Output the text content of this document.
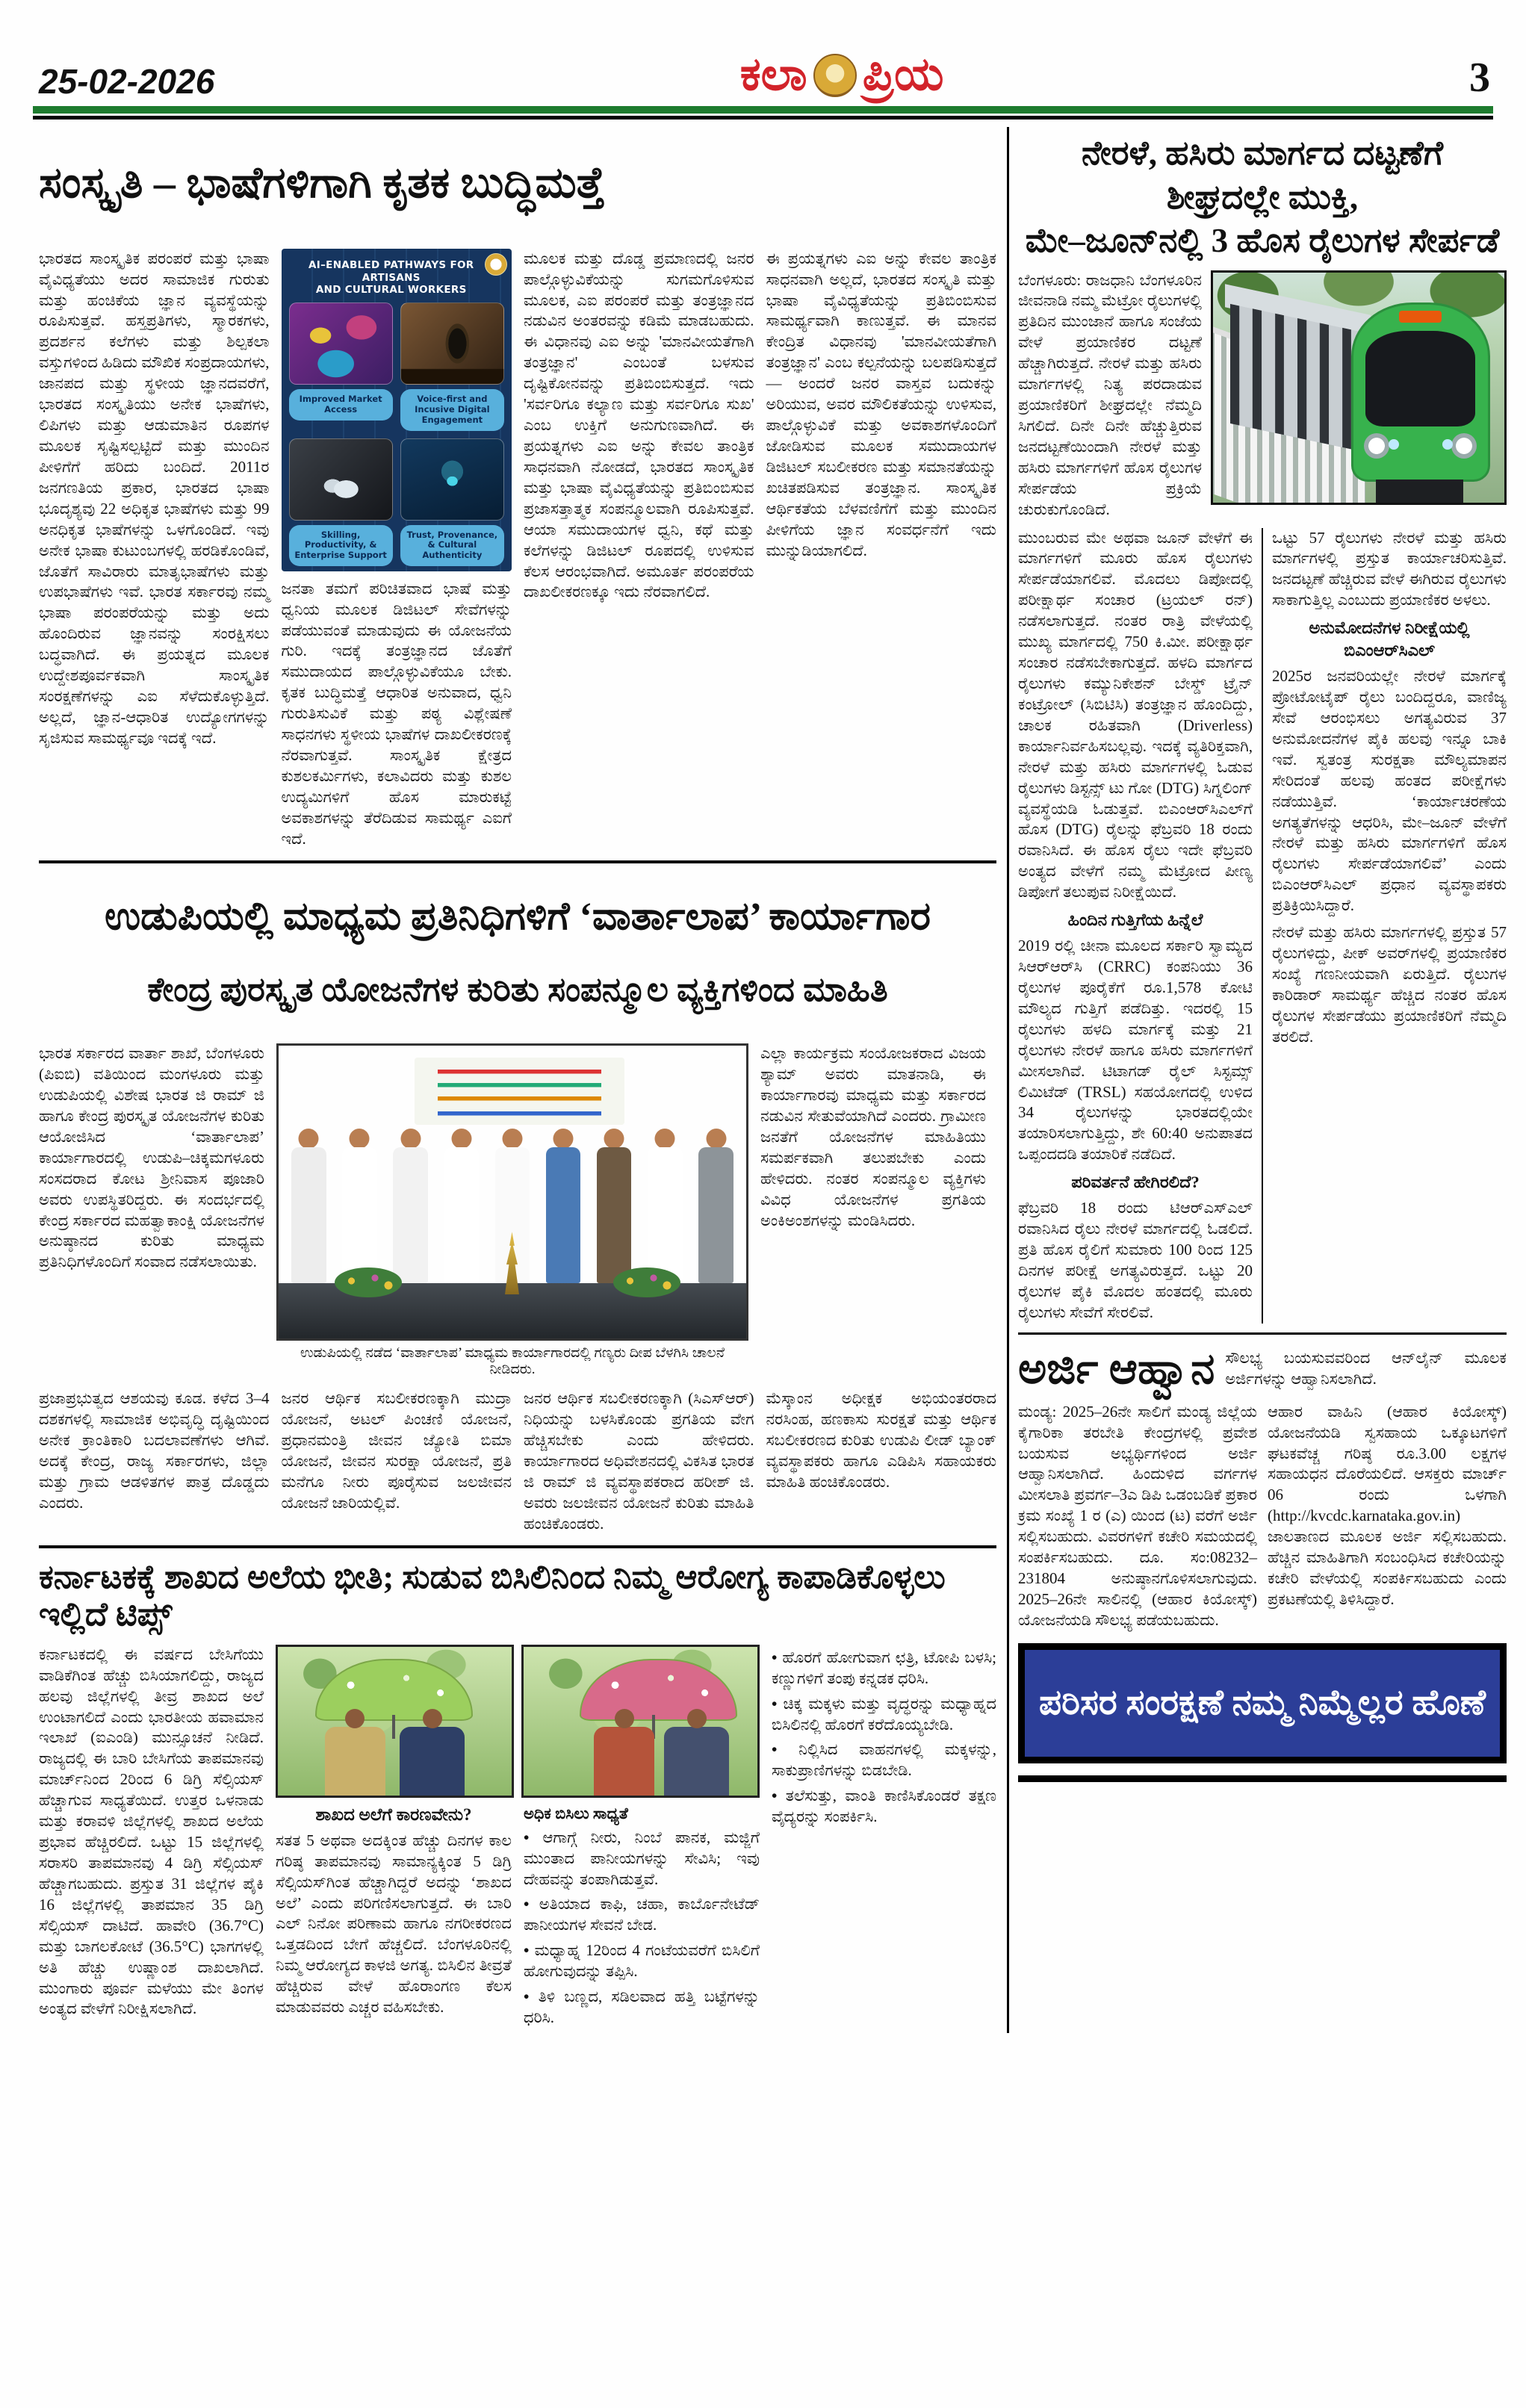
25-02-2026	ಕಲಾ ಪ್ರಿಯ	3
ಸಂಸ್ಕೃತಿ – ಭಾಷೆಗಳಿಗಾಗಿ ಕೃತಕ ಬುದ್ಧಿಮತ್ತೆ
ಭಾರತದ ಸಾಂಸ್ಕೃತಿಕ ಪರಂಪರೆ ಮತ್ತು ಭಾಷಾ ವೈವಿಧ್ಯತೆಯು ಅದರ ಸಾಮಾಜಿಕ ಗುರುತು ಮತ್ತು ಹಂಚಿಕೆಯ ಜ್ಞಾನ ವ್ಯವಸ್ಥೆಯನ್ನು ರೂಪಿಸುತ್ತವೆ. ಹಸ್ತಪ್ರತಿಗಳು, ಸ್ಮಾರಕಗಳು, ಪ್ರದರ್ಶನ ಕಲೆಗಳು ಮತ್ತು ಶಿಲ್ಪಕಲಾ ವಸ್ತುಗಳಿಂದ ಹಿಡಿದು ಮೌಖಿಕ ಸಂಪ್ರದಾಯಗಳು, ಜಾನಪದ ಮತ್ತು ಸ್ಥಳೀಯ ಜ್ಞಾನದವರೆಗೆ, ಭಾರತದ ಸಂಸ್ಕೃತಿಯು ಅನೇಕ ಭಾಷೆಗಳು, ಲಿಪಿಗಳು ಮತ್ತು ಆಡುಮಾತಿನ ರೂಪಗಳ ಮೂಲಕ ಸೃಷ್ಟಿಸಲ್ಪಟ್ಟಿದೆ ಮತ್ತು ಮುಂದಿನ ಪೀಳಿಗೆಗೆ ಹರಿದು ಬಂದಿದೆ. 2011ರ ಜನಗಣತಿಯ ಪ್ರಕಾರ, ಭಾರತದ ಭಾಷಾ ಭೂದೃಶ್ಯವು 22 ಅಧಿಕೃತ ಭಾಷೆಗಳು ಮತ್ತು 99 ಅನಧಿಕೃತ ಭಾಷೆಗಳನ್ನು ಒಳಗೊಂಡಿದೆ. ಇವು ಅನೇಕ ಭಾಷಾ ಕುಟುಂಬಗಳಲ್ಲಿ ಹರಡಿಕೊಂಡಿವೆ, ಜೊತೆಗೆ ಸಾವಿರಾರು ಮಾತೃಭಾಷೆಗಳು ಮತ್ತು ಉಪಭಾಷೆಗಳು ಇವೆ. ಭಾರತ ಸರ್ಕಾರವು ನಮ್ಮ ಭಾಷಾ ಪರಂಪರೆಯನ್ನು ಮತ್ತು ಅದು ಹೊಂದಿರುವ ಜ್ಞಾನವನ್ನು ಸಂರಕ್ಷಿಸಲು ಬದ್ಧವಾಗಿದೆ. ಈ ಪ್ರಯತ್ನದ ಮೂಲಕ ಉದ್ದೇಶಪೂರ್ವಕವಾಗಿ ಸಾಂಸ್ಕೃತಿಕ ಸಂರಕ್ಷಣೆಗಳನ್ನು ಎಐ ಸೆಳೆದುಕೊಳ್ಳುತ್ತಿದೆ. ಅಲ್ಲದೆ, ಜ್ಞಾನ-ಆಧಾರಿತ ಉದ್ಯೋಗಗಳನ್ನು ಸೃಜಿಸುವ ಸಾಮರ್ಥ್ಯವೂ ಇದಕ್ಕೆ ಇದೆ.
AI–ENABLED PATHWAYS FOR ARTISANS
AND CULTURAL WORKERS
Improved Market Access
Voice-first and Incusive Digital Engagement
Skilling, Productivity, & Enterprise Support
Trust, Provenance, & Cultural Authenticity
ಜನತಾ ತಮಗೆ ಪರಿಚಿತವಾದ ಭಾಷೆ ಮತ್ತು ಧ್ವನಿಯ ಮೂಲಕ ಡಿಜಿಟಲ್ ಸೇವೆಗಳನ್ನು ಪಡೆಯುವಂತೆ ಮಾಡುವುದು ಈ ಯೋಜನೆಯ ಗುರಿ. ಇದಕ್ಕೆ ತಂತ್ರಜ್ಞಾನದ ಜೊತೆಗೆ ಸಮುದಾಯದ ಪಾಲ್ಗೊಳ್ಳುವಿಕೆಯೂ ಬೇಕು. ಕೃತಕ ಬುದ್ಧಿಮತ್ತೆ ಆಧಾರಿತ ಅನುವಾದ, ಧ್ವನಿ ಗುರುತಿಸುವಿಕೆ ಮತ್ತು ಪಠ್ಯ ವಿಶ್ಲೇಷಣೆ ಸಾಧನಗಳು ಸ್ಥಳೀಯ ಭಾಷೆಗಳ ದಾಖಲೀಕರಣಕ್ಕೆ ನೆರವಾಗುತ್ತವೆ. ಸಾಂಸ್ಕೃತಿಕ ಕ್ಷೇತ್ರದ ಕುಶಲಕರ್ಮಿಗಳು, ಕಲಾವಿದರು ಮತ್ತು ಕುಶಲ ಉದ್ಯಮಿಗಳಿಗೆ ಹೊಸ ಮಾರುಕಟ್ಟೆ ಅವಕಾಶಗಳನ್ನು ತೆರೆದಿಡುವ ಸಾಮರ್ಥ್ಯ ಎಐಗೆ ಇದೆ.
ಮೂಲಕ ಮತ್ತು ದೊಡ್ಡ ಪ್ರಮಾಣದಲ್ಲಿ ಜನರ ಪಾಲ್ಗೊಳ್ಳುವಿಕೆಯನ್ನು ಸುಗಮಗೊಳಿಸುವ ಮೂಲಕ, ಎಐ ಪರಂಪರೆ ಮತ್ತು ತಂತ್ರಜ್ಞಾನದ ನಡುವಿನ ಅಂತರವನ್ನು ಕಡಿಮೆ ಮಾಡಬಹುದು. ಈ ವಿಧಾನವು ಎಐ ಅನ್ನು 'ಮಾನವೀಯತೆಗಾಗಿ ತಂತ್ರಜ್ಞಾನ' ಎಂಬಂತೆ ಬಳಸುವ ದೃಷ್ಟಿಕೋನವನ್ನು ಪ್ರತಿಬಿಂಬಿಸುತ್ತದೆ. ಇದು 'ಸರ್ವರಿಗೂ ಕಲ್ಯಾಣ ಮತ್ತು ಸರ್ವರಿಗೂ ಸುಖ' ಎಂಬ ಉಕ್ತಿಗೆ ಅನುಗುಣವಾಗಿದೆ. ಈ ಪ್ರಯತ್ನಗಳು ಎಐ ಅನ್ನು ಕೇವಲ ತಾಂತ್ರಿಕ ಸಾಧನವಾಗಿ ನೋಡದೆ, ಭಾರತದ ಸಾಂಸ್ಕೃತಿಕ ಮತ್ತು ಭಾಷಾ ವೈವಿಧ್ಯತೆಯನ್ನು ಪ್ರತಿಬಿಂಬಿಸುವ ಪ್ರಜಾಸತ್ತಾತ್ಮಕ ಸಂಪನ್ಮೂಲವಾಗಿ ರೂಪಿಸುತ್ತವೆ. ಆಯಾ ಸಮುದಾಯಗಳ ಧ್ವನಿ, ಕಥೆ ಮತ್ತು ಕಲೆಗಳನ್ನು ಡಿಜಿಟಲ್ ರೂಪದಲ್ಲಿ ಉಳಿಸುವ ಕೆಲಸ ಆರಂಭವಾಗಿದೆ. ಅಮೂರ್ತ ಪರಂಪರೆಯ ದಾಖಲೀಕರಣಕ್ಕೂ ಇದು ನೆರವಾಗಲಿದೆ.
ಈ ಪ್ರಯತ್ನಗಳು ಎಐ ಅನ್ನು ಕೇವಲ ತಾಂತ್ರಿಕ ಸಾಧನವಾಗಿ ಅಲ್ಲದೆ, ಭಾರತದ ಸಂಸ್ಕೃತಿ ಮತ್ತು ಭಾಷಾ ವೈವಿಧ್ಯತೆಯನ್ನು ಪ್ರತಿಬಿಂಬಿಸುವ ಸಾಮರ್ಥ್ಯವಾಗಿ ಕಾಣುತ್ತವೆ. ಈ ಮಾನವ ಕೇಂದ್ರಿತ ವಿಧಾನವು 'ಮಾನವೀಯತೆಗಾಗಿ ತಂತ್ರಜ್ಞಾನ' ಎಂಬ ಕಲ್ಪನೆಯನ್ನು ಬಲಪಡಿಸುತ್ತದೆ — ಅಂದರೆ ಜನರ ವಾಸ್ತವ ಬದುಕನ್ನು ಅರಿಯುವ, ಅವರ ಮೌಲಿಕತೆಯನ್ನು ಉಳಿಸುವ, ಪಾಲ್ಗೊಳ್ಳುವಿಕೆ ಮತ್ತು ಅವಕಾಶಗಳೊಂದಿಗೆ ಜೋಡಿಸುವ ಮೂಲಕ ಸಮುದಾಯಗಳ ಡಿಜಿಟಲ್ ಸಬಲೀಕರಣ ಮತ್ತು ಸಮಾನತೆಯನ್ನು ಖಚಿತಪಡಿಸುವ ತಂತ್ರಜ್ಞಾನ. ಸಾಂಸ್ಕೃತಿಕ ಆರ್ಥಿಕತೆಯ ಬೆಳವಣಿಗೆಗೆ ಮತ್ತು ಮುಂದಿನ ಪೀಳಿಗೆಯ ಜ್ಞಾನ ಸಂವರ್ಧನೆಗೆ ಇದು ಮುನ್ನುಡಿಯಾಗಲಿದೆ.
ಉಡುಪಿಯಲ್ಲಿ ಮಾಧ್ಯಮ ಪ್ರತಿನಿಧಿಗಳಿಗೆ ‘ವಾರ್ತಾಲಾಪ’ ಕಾರ್ಯಾಗಾರ
ಕೇಂದ್ರ ಪುರಸ್ಕೃತ ಯೋಜನೆಗಳ ಕುರಿತು ಸಂಪನ್ಮೂಲ ವ್ಯಕ್ತಿಗಳಿಂದ ಮಾಹಿತಿ
ಭಾರತ ಸರ್ಕಾರದ ವಾರ್ತಾ ಶಾಖೆ, ಬೆಂಗಳೂರು (ಪಿಐಬಿ) ವತಿಯಿಂದ ಮಂಗಳೂರು ಮತ್ತು ಉಡುಪಿಯಲ್ಲಿ ವಿಶೇಷ ಭಾರತ ಜಿ ರಾಮ್ ಜಿ ಹಾಗೂ ಕೇಂದ್ರ ಪುರಸ್ಕೃತ ಯೋಜನೆಗಳ ಕುರಿತು ಆಯೋಜಿಸಿದ ‘ವಾರ್ತಾಲಾಪ’ ಕಾರ್ಯಾಗಾರದಲ್ಲಿ ಉಡುಪಿ–ಚಿಕ್ಕಮಗಳೂರು ಸಂಸದರಾದ ಕೋಟ ಶ್ರೀನಿವಾಸ ಪೂಜಾರಿ ಅವರು ಉಪಸ್ಥಿತರಿದ್ದರು. ಈ ಸಂದರ್ಭದಲ್ಲಿ ಕೇಂದ್ರ ಸರ್ಕಾರದ ಮಹತ್ವಾಕಾಂಕ್ಷಿ ಯೋಜನೆಗಳ ಅನುಷ್ಠಾನದ ಕುರಿತು ಮಾಧ್ಯಮ ಪ್ರತಿನಿಧಿಗಳೊಂದಿಗೆ ಸಂವಾದ ನಡೆಸಲಾಯಿತು.
ಉಡುಪಿಯಲ್ಲಿ ನಡೆದ ‘ವಾರ್ತಾಲಾಪ’ ಮಾಧ್ಯಮ ಕಾರ್ಯಾಗಾರದಲ್ಲಿ ಗಣ್ಯರು ದೀಪ ಬೆಳಗಿಸಿ ಚಾಲನೆ ನೀಡಿದರು.
ಎಲ್ಲಾ ಕಾರ್ಯಕ್ರಮ ಸಂಯೋಜಕರಾದ ವಿಜಯ ಶ್ಯಾಮ್ ಅವರು ಮಾತನಾಡಿ, ಈ ಕಾರ್ಯಾಗಾರವು ಮಾಧ್ಯಮ ಮತ್ತು ಸರ್ಕಾರದ ನಡುವಿನ ಸೇತುವೆಯಾಗಿದೆ ಎಂದರು. ಗ್ರಾಮೀಣ ಜನತೆಗೆ ಯೋಜನೆಗಳ ಮಾಹಿತಿಯು ಸಮರ್ಪಕವಾಗಿ ತಲುಪಬೇಕು ಎಂದು ಹೇಳಿದರು. ನಂತರ ಸಂಪನ್ಮೂಲ ವ್ಯಕ್ತಿಗಳು ವಿವಿಧ ಯೋಜನೆಗಳ ಪ್ರಗತಿಯ ಅಂಕಿಅಂಶಗಳನ್ನು ಮಂಡಿಸಿದರು.
ಪ್ರಜಾಪ್ರಭುತ್ವದ ಆಶಯವು ಕೂಡ. ಕಳೆದ 3–4 ದಶಕಗಳಲ್ಲಿ ಸಾಮಾಜಿಕ ಅಭಿವೃದ್ಧಿ ದೃಷ್ಟಿಯಿಂದ ಅನೇಕ ಕ್ರಾಂತಿಕಾರಿ ಬದಲಾವಣೆಗಳು ಆಗಿವೆ. ಅದಕ್ಕೆ ಕೇಂದ್ರ, ರಾಜ್ಯ ಸರ್ಕಾರಗಳು, ಜಿಲ್ಲಾ ಮತ್ತು ಗ್ರಾಮ ಆಡಳಿತಗಳ ಪಾತ್ರ ದೊಡ್ಡದು ಎಂದರು.
ಜನರ ಆರ್ಥಿಕ ಸಬಲೀಕರಣಕ್ಕಾಗಿ ಮುದ್ರಾ ಯೋಜನೆ, ಅಟಲ್ ಪಿಂಚಣಿ ಯೋಜನೆ, ಪ್ರಧಾನಮಂತ್ರಿ ಜೀವನ ಜ್ಯೋತಿ ಬಿಮಾ ಯೋಜನೆ, ಜೀವನ ಸುರಕ್ಷಾ ಯೋಜನೆ, ಪ್ರತಿ ಮನೆಗೂ ನೀರು ಪೂರೈಸುವ ಜಲಜೀವನ ಯೋಜನೆ ಜಾರಿಯಲ್ಲಿವೆ.
ಜನರ ಆರ್ಥಿಕ ಸಬಲೀಕರಣಕ್ಕಾಗಿ (ಸಿಎಸ್‌ಆರ್) ನಿಧಿಯನ್ನು ಬಳಸಿಕೊಂಡು ಪ್ರಗತಿಯ ವೇಗ ಹೆಚ್ಚಿಸಬೇಕು ಎಂದು ಹೇಳಿದರು. ಕಾರ್ಯಾಗಾರದ ಅಧಿವೇಶನದಲ್ಲಿ ವಿಕಸಿತ ಭಾರತ ಜಿ ರಾಮ್ ಜಿ ವ್ಯವಸ್ಥಾಪಕರಾದ ಹರೀಶ್ ಜಿ. ಅವರು ಜಲಜೀವನ ಯೋಜನೆ ಕುರಿತು ಮಾಹಿತಿ ಹಂಚಿಕೊಂಡರು.
ಮೆಸ್ಕಾಂನ ಅಧೀಕ್ಷಕ ಅಭಿಯಂತರರಾದ ನರಸಿಂಹ, ಹಣಕಾಸು ಸುರಕ್ಷತೆ ಮತ್ತು ಆರ್ಥಿಕ ಸಬಲೀಕರಣದ ಕುರಿತು ಉಡುಪಿ ಲೀಡ್ ಬ್ಯಾಂಕ್ ವ್ಯವಸ್ಥಾಪಕರು ಹಾಗೂ ಎಡಿಪಿಸಿ ಸಹಾಯಕರು ಮಾಹಿತಿ ಹಂಚಿಕೊಂಡರು.
ಕರ್ನಾಟಕಕ್ಕೆ ಶಾಖದ ಅಲೆಯ ಭೀತಿ; ಸುಡುವ ಬಿಸಿಲಿನಿಂದ ನಿಮ್ಮ ಆರೋಗ್ಯ ಕಾಪಾಡಿಕೊಳ್ಳಲು ಇಲ್ಲಿದೆ ಟಿಪ್ಸ್
ಕರ್ನಾಟಕದಲ್ಲಿ ಈ ವರ್ಷದ ಬೇಸಿಗೆಯು ವಾಡಿಕೆಗಿಂತ ಹೆಚ್ಚು ಬಿಸಿಯಾಗಲಿದ್ದು, ರಾಜ್ಯದ ಹಲವು ಜಿಲ್ಲೆಗಳಲ್ಲಿ ತೀವ್ರ ಶಾಖದ ಅಲೆ ಉಂಟಾಗಲಿದೆ ಎಂದು ಭಾರತೀಯ ಹವಾಮಾನ ಇಲಾಖೆ (ಐಎಂಡಿ) ಮುನ್ಸೂಚನೆ ನೀಡಿದೆ. ರಾಜ್ಯದಲ್ಲಿ ಈ ಬಾರಿ ಬೇಸಿಗೆಯ ತಾಪಮಾನವು ಮಾರ್ಚ್‌ನಿಂದ 2ರಿಂದ 6 ಡಿಗ್ರಿ ಸೆಲ್ಸಿಯಸ್ ಹೆಚ್ಚಾಗುವ ಸಾಧ್ಯತೆಯಿದೆ. ಉತ್ತರ ಒಳನಾಡು ಮತ್ತು ಕರಾವಳಿ ಜಿಲ್ಲೆಗಳಲ್ಲಿ ಶಾಖದ ಅಲೆಯ ಪ್ರಭಾವ ಹೆಚ್ಚಿರಲಿದೆ. ಒಟ್ಟು 15 ಜಿಲ್ಲೆಗಳಲ್ಲಿ ಸರಾಸರಿ ತಾಪಮಾನವು 4 ಡಿಗ್ರಿ ಸೆಲ್ಸಿಯಸ್ ಹೆಚ್ಚಾಗಬಹುದು. ಪ್ರಸ್ತುತ 31 ಜಿಲ್ಲೆಗಳ ಪೈಕಿ 16 ಜಿಲ್ಲೆಗಳಲ್ಲಿ ತಾಪಮಾನ 35 ಡಿಗ್ರಿ ಸೆಲ್ಸಿಯಸ್ ದಾಟಿದೆ. ಹಾವೇರಿ (36.7°C) ಮತ್ತು ಬಾಗಲಕೋಟೆ (36.5°C) ಭಾಗಗಳಲ್ಲಿ ಅತಿ ಹೆಚ್ಚು ಉಷ್ಣಾಂಶ ದಾಖಲಾಗಿದೆ. ಮುಂಗಾರು ಪೂರ್ವ ಮಳೆಯು ಮೇ ತಿಂಗಳ ಅಂತ್ಯದ ವೇಳೆಗೆ ನಿರೀಕ್ಷಿಸಲಾಗಿದೆ.
ಶಾಖದ ಅಲೆಗೆ ಕಾರಣವೇನು?
ಸತತ 5 ಅಥವಾ ಅದಕ್ಕಿಂತ ಹೆಚ್ಚು ದಿನಗಳ ಕಾಲ ಗರಿಷ್ಠ ತಾಪಮಾನವು ಸಾಮಾನ್ಯಕ್ಕಿಂತ 5 ಡಿಗ್ರಿ ಸೆಲ್ಸಿಯಸ್‌ಗಿಂತ ಹೆಚ್ಚಾಗಿದ್ದರೆ ಅದನ್ನು ‘ಶಾಖದ ಅಲೆ’ ಎಂದು ಪರಿಗಣಿಸಲಾಗುತ್ತದೆ. ಈ ಬಾರಿ ಎಲ್ ನಿನೋ ಪರಿಣಾಮ ಹಾಗೂ ನಗರೀಕರಣದ ಒತ್ತಡದಿಂದ ಬೇಗೆ ಹೆಚ್ಚಲಿದೆ. ಬೆಂಗಳೂರಿನಲ್ಲಿ ನಿಮ್ಮ ಆರೋಗ್ಯದ ಕಾಳಜಿ ಅಗತ್ಯ. ಬಿಸಿಲಿನ ತೀವ್ರತೆ ಹೆಚ್ಚಿರುವ ವೇಳೆ ಹೊರಾಂಗಣ ಕೆಲಸ ಮಾಡುವವರು ಎಚ್ಚರ ವಹಿಸಬೇಕು.
ಅಧಿಕ ಬಿಸಿಲು ಸಾಧ್ಯತೆ
• ಆಗಾಗ್ಗೆ ನೀರು, ನಿಂಬೆ ಪಾನಕ, ಮಜ್ಜಿಗೆ ಮುಂತಾದ ಪಾನೀಯಗಳನ್ನು ಸೇವಿಸಿ; ಇವು ದೇಹವನ್ನು ತಂಪಾಗಿಡುತ್ತವೆ.
• ಅತಿಯಾದ ಕಾಫಿ, ಚಹಾ, ಕಾರ್ಬೊನೇಟೆಡ್ ಪಾನೀಯಗಳ ಸೇವನೆ ಬೇಡ.
• ಮಧ್ಯಾಹ್ನ 12ರಿಂದ 4 ಗಂಟೆಯವರೆಗೆ ಬಿಸಿಲಿಗೆ ಹೋಗುವುದನ್ನು ತಪ್ಪಿಸಿ.
• ತಿಳಿ ಬಣ್ಣದ, ಸಡಿಲವಾದ ಹತ್ತಿ ಬಟ್ಟೆಗಳನ್ನು ಧರಿಸಿ.
• ಹೊರಗೆ ಹೋಗುವಾಗ ಛತ್ರಿ, ಟೋಪಿ ಬಳಸಿ; ಕಣ್ಣುಗಳಿಗೆ ತಂಪು ಕನ್ನಡಕ ಧರಿಸಿ.
• ಚಿಕ್ಕ ಮಕ್ಕಳು ಮತ್ತು ವೃದ್ಧರನ್ನು ಮಧ್ಯಾಹ್ನದ ಬಿಸಿಲಿನಲ್ಲಿ ಹೊರಗೆ ಕರೆದೊಯ್ಯಬೇಡಿ.
• ನಿಲ್ಲಿಸಿದ ವಾಹನಗಳಲ್ಲಿ ಮಕ್ಕಳನ್ನು, ಸಾಕುಪ್ರಾಣಿಗಳನ್ನು ಬಿಡಬೇಡಿ.
• ತಲೆಸುತ್ತು, ವಾಂತಿ ಕಾಣಿಸಿಕೊಂಡರೆ ತಕ್ಷಣ ವೈದ್ಯರನ್ನು ಸಂಪರ್ಕಿಸಿ.
ನೇರಳೆ, ಹಸಿರು ಮಾರ್ಗದ ದಟ್ಟಣೆಗೆ ಶೀಘ್ರದಲ್ಲೇ ಮುಕ್ತಿ,
ಮೇ–ಜೂನ್‌ನಲ್ಲಿ 3 ಹೊಸ ರೈಲುಗಳ ಸೇರ್ಪಡೆ
ಬೆಂಗಳೂರು: ರಾಜಧಾನಿ ಬೆಂಗಳೂರಿನ ಜೀವನಾಡಿ ನಮ್ಮ ಮೆಟ್ರೋ ರೈಲುಗಳಲ್ಲಿ ಪ್ರತಿದಿನ ಮುಂಜಾನೆ ಹಾಗೂ ಸಂಜೆಯ ವೇಳೆ ಪ್ರಯಾಣಿಕರ ದಟ್ಟಣೆ ಹೆಚ್ಚಾಗಿರುತ್ತದೆ. ನೇರಳೆ ಮತ್ತು ಹಸಿರು ಮಾರ್ಗಗಳಲ್ಲಿ ನಿತ್ಯ ಪರದಾಡುವ ಪ್ರಯಾಣಿಕರಿಗೆ ಶೀಘ್ರದಲ್ಲೇ ನೆಮ್ಮದಿ ಸಿಗಲಿದೆ. ದಿನೇ ದಿನೇ ಹೆಚ್ಚುತ್ತಿರುವ ಜನದಟ್ಟಣೆಯಿಂದಾಗಿ ನೇರಳೆ ಮತ್ತು ಹಸಿರು ಮಾರ್ಗಗಳಿಗೆ ಹೊಸ ರೈಲುಗಳ ಸೇರ್ಪಡೆಯ ಪ್ರಕ್ರಿಯೆ ಚುರುಕುಗೊಂಡಿದೆ.

ಮುಂಬರುವ ಮೇ ಅಥವಾ ಜೂನ್ ವೇಳೆಗೆ ಈ ಮಾರ್ಗಗಳಿಗೆ ಮೂರು ಹೊಸ ರೈಲುಗಳು ಸೇರ್ಪಡೆಯಾಗಲಿವೆ. ಮೊದಲು ಡಿಪೋದಲ್ಲಿ ಪರೀಕ್ಷಾರ್ಥ ಸಂಚಾರ (ಟ್ರಯಲ್ ರನ್) ನಡೆಸಲಾಗುತ್ತದೆ. ನಂತರ ರಾತ್ರಿ ವೇಳೆಯಲ್ಲಿ ಮುಖ್ಯ ಮಾರ್ಗದಲ್ಲಿ 750 ಕಿ.ಮೀ. ಪರೀಕ್ಷಾರ್ಥ ಸಂಚಾರ ನಡೆಸಬೇಕಾಗುತ್ತದೆ. ಹಳದಿ ಮಾರ್ಗದ ರೈಲುಗಳು ಕಮ್ಯುನಿಕೇಶನ್ ಬೇಸ್ಡ್ ಟ್ರೈನ್ ಕಂಟ್ರೋಲ್ (ಸಿಬಿಟಿಸಿ) ತಂತ್ರಜ್ಞಾನ ಹೊಂದಿದ್ದು, ಚಾಲಕ ರಹಿತವಾಗಿ (Driverless) ಕಾರ್ಯಾನಿರ್ವಹಿಸಬಲ್ಲವು. ಇದಕ್ಕೆ ವ್ಯತಿರಿಕ್ತವಾಗಿ, ನೇರಳೆ ಮತ್ತು ಹಸಿರು ಮಾರ್ಗಗಳಲ್ಲಿ ಓಡುವ ರೈಲುಗಳು ಡಿಸ್ಟನ್ಸ್ ಟು ಗೋ (DTG) ಸಿಗ್ನಲಿಂಗ್ ವ್ಯವಸ್ಥೆಯಡಿ ಓಡುತ್ತವೆ. ಬಿಎಂಆರ್‌ಸಿಎಲ್‌ಗೆ ಹೊಸ (DTG) ರೈಲನ್ನು ಫೆಬ್ರವರಿ 18 ರಂದು ರವಾನಿಸಿದೆ. ಈ ಹೊಸ ರೈಲು ಇದೇ ಫೆಬ್ರವರಿ ಅಂತ್ಯದ ವೇಳೆಗೆ ನಮ್ಮ ಮೆಟ್ರೋದ ಪೀಣ್ಯ ಡಿಪೋಗೆ ತಲುಪುವ ನಿರೀಕ್ಷೆಯಿದೆ.

ಹಿಂದಿನ ಗುತ್ತಿಗೆಯ ಹಿನ್ನೆಲೆ

2019 ರಲ್ಲಿ ಚೀನಾ ಮೂಲದ ಸರ್ಕಾರಿ ಸ್ವಾಮ್ಯದ ಸಿಆರ್‌ಆರ್‌ಸಿ (CRRC) ಕಂಪನಿಯು 36 ರೈಲುಗಳ ಪೂರೈಕೆಗೆ ರೂ.1,578 ಕೋಟಿ ಮೌಲ್ಯದ ಗುತ್ತಿಗೆ ಪಡೆದಿತ್ತು. ಇದರಲ್ಲಿ 15 ರೈಲುಗಳು ಹಳದಿ ಮಾರ್ಗಕ್ಕೆ ಮತ್ತು 21 ರೈಲುಗಳು ನೇರಳೆ ಹಾಗೂ ಹಸಿರು ಮಾರ್ಗಗಳಿಗೆ ಮೀಸಲಾಗಿವೆ. ಟಿಟಾಗಡ್ ರೈಲ್ ಸಿಸ್ಟಮ್ಸ್ ಲಿಮಿಟೆಡ್ (TRSL) ಸಹಯೋಗದಲ್ಲಿ ಉಳಿದ 34 ರೈಲುಗಳನ್ನು ಭಾರತದಲ್ಲಿಯೇ ತಯಾರಿಸಲಾಗುತ್ತಿದ್ದು, ಶೇ 60:40 ಅನುಪಾತದ ಒಪ್ಪಂದದಡಿ ತಯಾರಿಕೆ ನಡೆದಿದೆ.

ಪರಿವರ್ತನೆ ಹೇಗಿರಲಿದೆ?

ಫೆಬ್ರವರಿ 18 ರಂದು ಟಿಆರ್‌ಎಸ್‌ಎಲ್ ರವಾನಿಸಿದ ರೈಲು ನೇರಳೆ ಮಾರ್ಗದಲ್ಲಿ ಓಡಲಿದೆ. ಪ್ರತಿ ಹೊಸ ರೈಲಿಗೆ ಸುಮಾರು 100 ರಿಂದ 125 ದಿನಗಳ ಪರೀಕ್ಷೆ ಅಗತ್ಯವಿರುತ್ತದೆ. ಒಟ್ಟು 20 ರೈಲುಗಳ ಪೈಕಿ ಮೊದಲ ಹಂತದಲ್ಲಿ ಮೂರು ರೈಲುಗಳು ಸೇವೆಗೆ ಸೇರಲಿವೆ.

ಒಟ್ಟು 57 ರೈಲುಗಳು ನೇರಳೆ ಮತ್ತು ಹಸಿರು ಮಾರ್ಗಗಳಲ್ಲಿ ಪ್ರಸ್ತುತ ಕಾರ್ಯಾಚರಿಸುತ್ತಿವೆ. ಜನದಟ್ಟಣೆ ಹೆಚ್ಚಿರುವ ವೇಳೆ ಈಗಿರುವ ರೈಲುಗಳು ಸಾಕಾಗುತ್ತಿಲ್ಲ ಎಂಬುದು ಪ್ರಯಾಣಿಕರ ಅಳಲು.

ಅನುಮೋದನೆಗಳ ನಿರೀಕ್ಷೆಯಲ್ಲಿ ಬಿಎಂಆರ್‌ಸಿಎಲ್

2025ರ ಜನವರಿಯಲ್ಲೇ ನೇರಳೆ ಮಾರ್ಗಕ್ಕೆ ಪ್ರೋಟೋಟೈಪ್ ರೈಲು ಬಂದಿದ್ದರೂ, ವಾಣಿಜ್ಯ ಸೇವೆ ಆರಂಭಿಸಲು ಅಗತ್ಯವಿರುವ 37 ಅನುಮೋದನೆಗಳ ಪೈಕಿ ಹಲವು ಇನ್ನೂ ಬಾಕಿ ಇವೆ. ಸ್ವತಂತ್ರ ಸುರಕ್ಷತಾ ಮೌಲ್ಯಮಾಪನ ಸೇರಿದಂತೆ ಹಲವು ಹಂತದ ಪರೀಕ್ಷೆಗಳು ನಡೆಯುತ್ತಿವೆ. ‘ಕಾರ್ಯಾಚರಣೆಯ ಅಗತ್ಯತೆಗಳನ್ನು ಆಧರಿಸಿ, ಮೇ–ಜೂನ್ ವೇಳೆಗೆ ನೇರಳೆ ಮತ್ತು ಹಸಿರು ಮಾರ್ಗಗಳಿಗೆ ಹೊಸ ರೈಲುಗಳು ಸೇರ್ಪಡೆಯಾಗಲಿವೆ’ ಎಂದು ಬಿಎಂಆರ್‌ಸಿಎಲ್ ಪ್ರಧಾನ ವ್ಯವಸ್ಥಾಪಕರು ಪ್ರತಿಕ್ರಿಯಿಸಿದ್ದಾರೆ.

ನೇರಳೆ ಮತ್ತು ಹಸಿರು ಮಾರ್ಗಗಳಲ್ಲಿ ಪ್ರಸ್ತುತ 57 ರೈಲುಗಳಿದ್ದು, ಪೀಕ್ ಅವರ್‌ಗಳಲ್ಲಿ ಪ್ರಯಾಣಿಕರ ಸಂಖ್ಯೆ ಗಣನೀಯವಾಗಿ ಏರುತ್ತಿದೆ. ರೈಲುಗಳ ಕಾರಿಡಾರ್ ಸಾಮರ್ಥ್ಯ ಹೆಚ್ಚಿದ ನಂತರ ಹೊಸ ರೈಲುಗಳ ಸೇರ್ಪಡೆಯು ಪ್ರಯಾಣಿಕರಿಗೆ ನೆಮ್ಮದಿ ತರಲಿದೆ.

ಅರ್ಜಿ ಆಹ್ವಾನ ಸೌಲಭ್ಯ ಬಯಸುವವರಿಂದ ಆನ್‌ಲೈನ್ ಮೂಲಕ ಅರ್ಜಿಗಳನ್ನು ಆಹ್ವಾನಿಸಲಾಗಿದೆ.
ಮಂಡ್ಯ: 2025–26ನೇ ಸಾಲಿಗೆ ಮಂಡ್ಯ ಜಿಲ್ಲೆಯ ಕೈಗಾರಿಕಾ ತರಬೇತಿ ಕೇಂದ್ರಗಳಲ್ಲಿ ಪ್ರವೇಶ ಬಯಸುವ ಅಭ್ಯರ್ಥಿಗಳಿಂದ ಅರ್ಜಿ ಆಹ್ವಾನಿಸಲಾಗಿದೆ. ಹಿಂದುಳಿದ ವರ್ಗಗಳ ಮೀಸಲಾತಿ ಪ್ರವರ್ಗ–3ಎ ಡಿಪಿ ಒಡಂಬಡಿಕೆ ಪ್ರಕಾರ ಕ್ರಮ ಸಂಖ್ಯೆ 1 ರ (ಎ) ಯಿಂದ (ಟ) ವರೆಗೆ ಅರ್ಜಿ ಸಲ್ಲಿಸಬಹುದು. ವಿವರಗಳಿಗೆ ಕಚೇರಿ ಸಮಯದಲ್ಲಿ ಸಂಪರ್ಕಿಸಬಹುದು. ದೂ. ಸಂ:08232–231804 ಅನುಷ್ಠಾನಗೊಳಿಸಲಾಗುವುದು. 2025–26ನೇ ಸಾಲಿನಲ್ಲಿ (ಆಹಾರ ಕಿಯೋಸ್ಕ್) ಯೋಜನೆಯಡಿ ಸೌಲಭ್ಯ ಪಡೆಯಬಹುದು.
ಆಹಾರ ವಾಹಿನಿ (ಆಹಾರ ಕಿಯೋಸ್ಕ್) ಯೋಜನೆಯಡಿ ಸ್ವಸಹಾಯ ಒಕ್ಕೂಟಗಳಿಗೆ ಘಟಕವೆಚ್ಚ ಗರಿಷ್ಠ ರೂ.3.00 ಲಕ್ಷಗಳ ಸಹಾಯಧನ ದೊರೆಯಲಿದೆ. ಆಸಕ್ತರು ಮಾರ್ಚ್ 06 ರಂದು ಒಳಗಾಗಿ (http://kvcdc.karnataka.gov.in) ಜಾಲತಾಣದ ಮೂಲಕ ಅರ್ಜಿ ಸಲ್ಲಿಸಬಹುದು. ಹೆಚ್ಚಿನ ಮಾಹಿತಿಗಾಗಿ ಸಂಬಂಧಿಸಿದ ಕಚೇರಿಯನ್ನು ಕಚೇರಿ ವೇಳೆಯಲ್ಲಿ ಸಂಪರ್ಕಿಸಬಹುದು ಎಂದು ಪ್ರಕಟಣೆಯಲ್ಲಿ ತಿಳಿಸಿದ್ದಾರೆ.
ಪರಿಸರ ಸಂರಕ್ಷಣೆ ನಮ್ಮ ನಿಮ್ಮೆಲ್ಲರ ಹೊಣೆ
